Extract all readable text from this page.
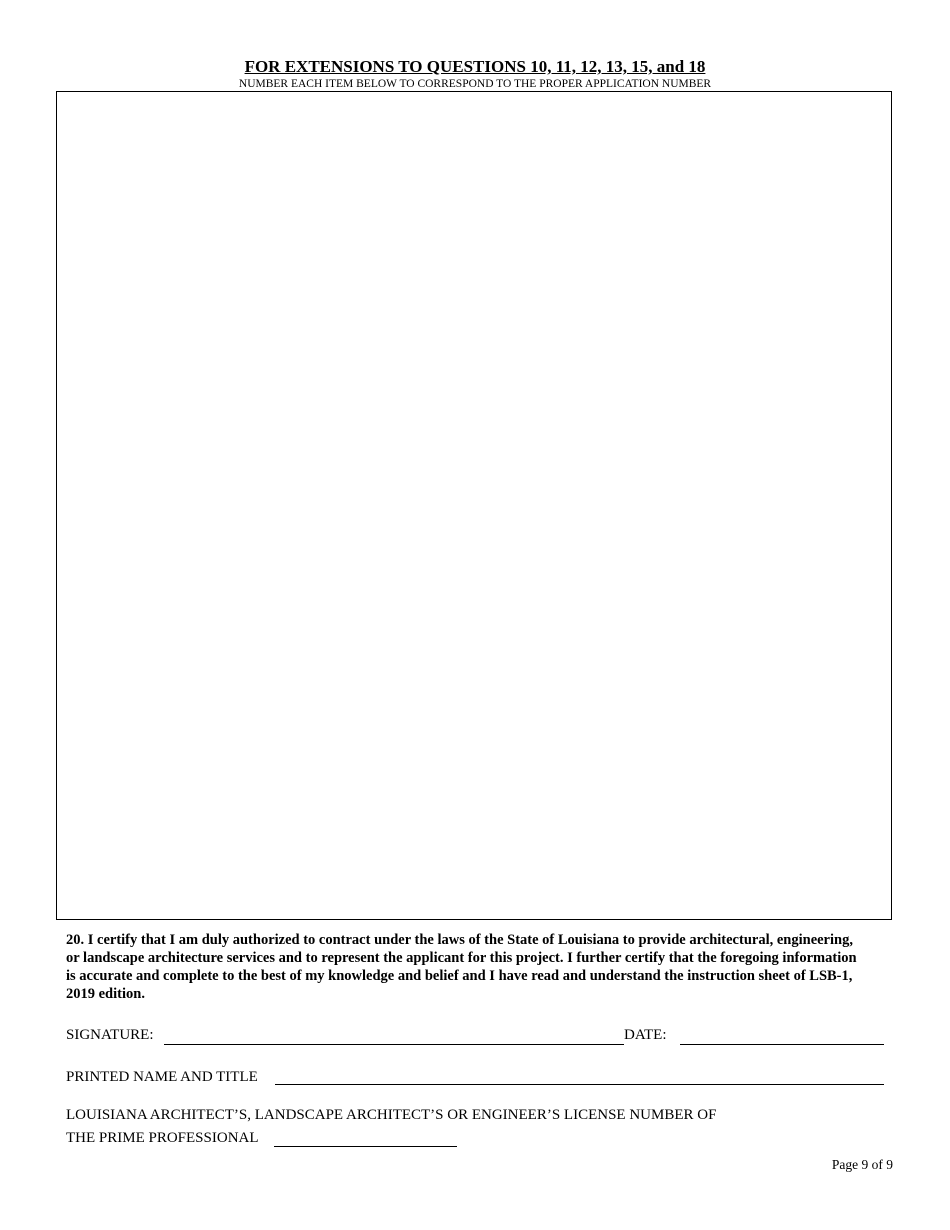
FOR EXTENSIONS TO QUESTIONS 10, 11, 12, 13, 15, and 18
NUMBER EACH ITEM BELOW TO CORRESPOND TO THE PROPER APPLICATION NUMBER
20. I certify that I am duly authorized to contract under the laws of the State of Louisiana to provide architectural, engineering, or landscape architecture services and to represent the applicant for this project. I further certify that the foregoing information is accurate and complete to the best of my knowledge and belief and I have read and understand the instruction sheet of LSB-1, 2019 edition.
SIGNATURE:	DATE:
PRINTED NAME AND TITLE
LOUISIANA ARCHITECT’S, LANDSCAPE ARCHITECT’S OR ENGINEER’S LICENSE NUMBER OF
THE PRIME PROFESSIONAL
Page 9 of 9
